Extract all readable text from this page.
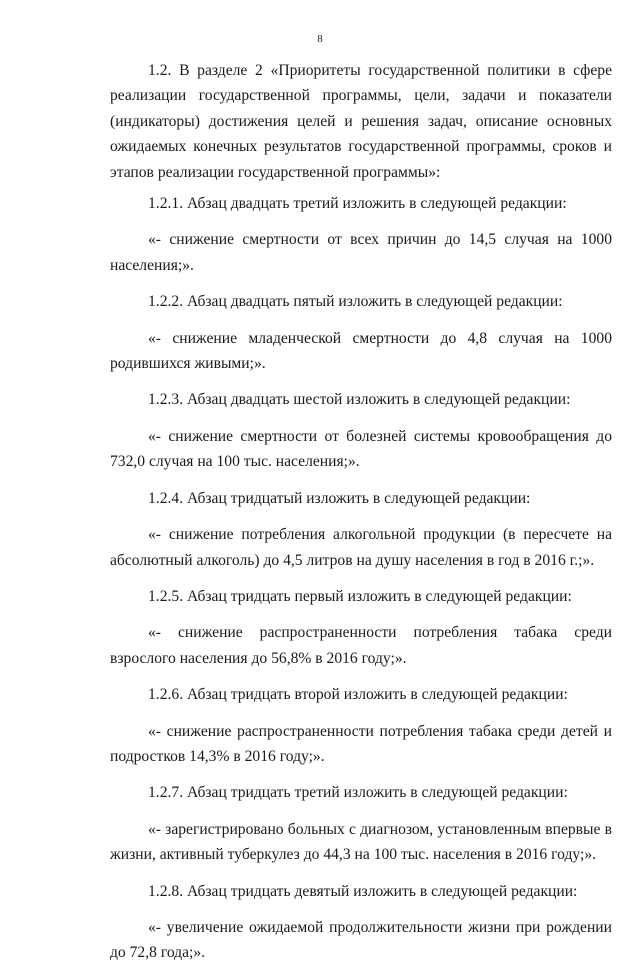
8

1.2. В разделе 2 «Приоритеты государственной политики в сфере реализации государственной программы, цели, задачи и показатели (индикаторы) достижения целей и решения задач, описание основных ожидаемых конечных результатов государственной программы, сроков и этапов реализации государственной программы»:

1.2.1. Абзац двадцать третий изложить в следующей редакции:

«- снижение смертности от всех причин до 14,5 случая на 1000 населения;».

1.2.2. Абзац двадцать пятый изложить в следующей редакции:

«- снижение младенческой смертности до 4,8 случая на 1000 родившихся живыми;».

1.2.3. Абзац двадцать шестой изложить в следующей редакции:

«- снижение смертности от болезней системы кровообращения до 732,0 случая на 100 тыс. населения;».

1.2.4. Абзац тридцатый изложить в следующей редакции:

«- снижение потребления алкогольной продукции (в пересчете на абсолютный алкоголь) до 4,5 литров на душу населения в год в 2016 г.;».

1.2.5. Абзац тридцать первый изложить в следующей редакции:

«- снижение распространенности потребления табака среди взрослого населения до 56,8% в 2016 году;».

1.2.6. Абзац тридцать второй изложить в следующей редакции:

«- снижение распространенности потребления табака среди детей и подростков 14,3% в 2016 году;».

1.2.7. Абзац тридцать третий изложить в следующей редакции:

«- зарегистрировано больных с диагнозом, установленным впервые в жизни, активный туберкулез до 44,3 на 100 тыс. населения в 2016 году;».

1.2.8. Абзац тридцать девятый изложить в следующей редакции:

«- увеличение ожидаемой продолжительности жизни при рождении до 72,8 года;».
